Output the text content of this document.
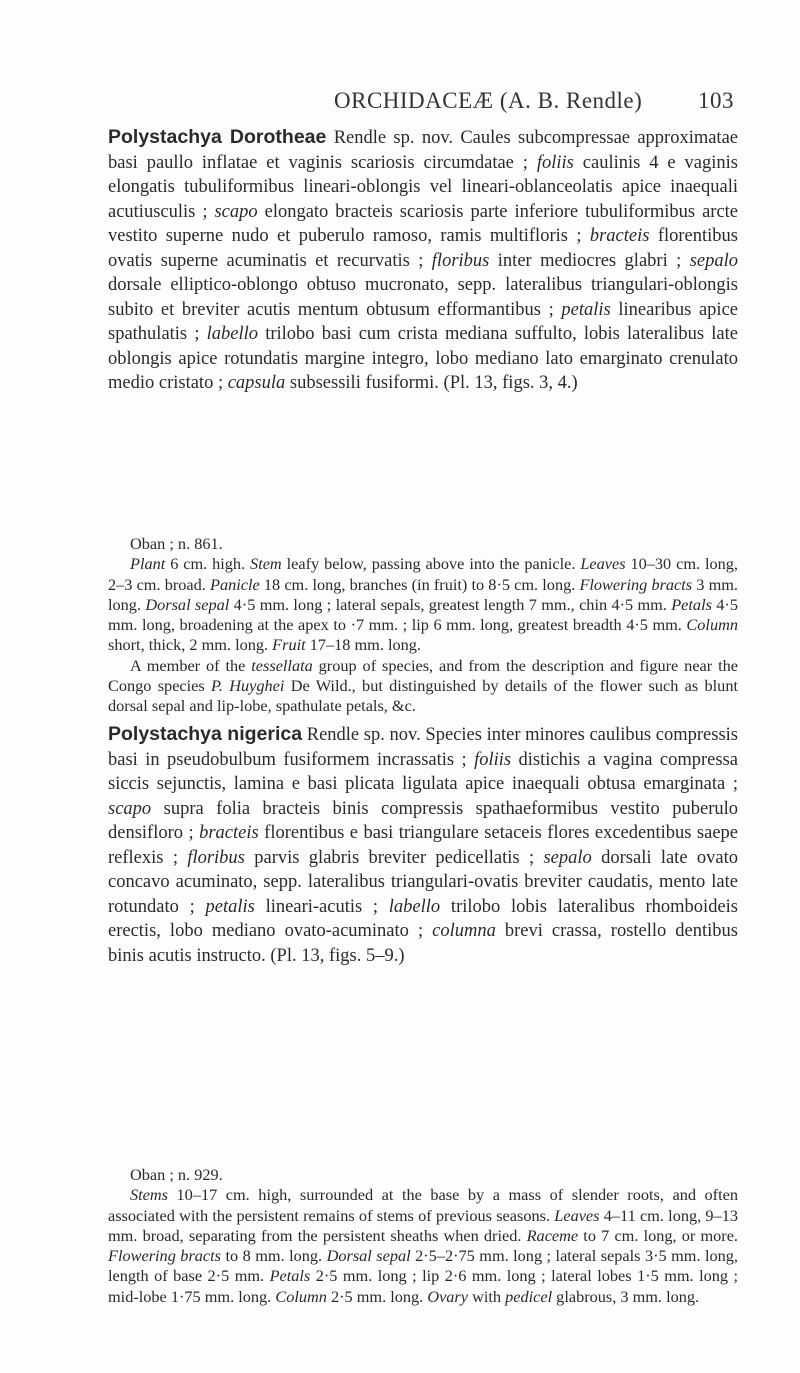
ORCHIDACEÆ (A. B. Rendle) 103

Polystachya Dorotheae Rendle sp. nov. Caules subcompressae approximatae basi paullo inflatae et vaginis scariosis circumdatae ; foliis caulinis 4 e vaginis elongatis tubuliformibus lineari-oblongis vel lineari-oblanceolatis apice inaequali acutiusculis ; scapo elongato bracteis scariosis parte inferiore tubuliformibus arcte vestito superne nudo et puberulo ramoso, ramis multifloris ; bracteis florentibus ovatis superne acuminatis et recurvatis ; floribus inter mediocres glabri ; sepalo dorsale elliptico-oblongo obtuso mucronato, sepp. lateralibus triangulari-oblongis subito et breviter acutis mentum obtusum efformantibus ; petalis linearibus apice spathulatis ; labello trilobo basi cum crista mediana suffulto, lobis lateralibus late oblongis apice rotundatis margine integro, lobo mediano lato emarginato crenulato medio cristato ; capsula subsessili fusiformi. (Pl. 13, figs. 3, 4.)

Oban ; n. 861.

Plant 6 cm. high. Stem leafy below, passing above into the panicle. Leaves 10–30 cm. long, 2–3 cm. broad. Panicle 18 cm. long, branches (in fruit) to 8·5 cm. long. Flowering bracts 3 mm. long. Dorsal sepal 4·5 mm. long ; lateral sepals, greatest length 7 mm., chin 4·5 mm. Petals 4·5 mm. long, broadening at the apex to ·7 mm. ; lip 6 mm. long, greatest breadth 4·5 mm. Column short, thick, 2 mm. long. Fruit 17–18 mm. long.

A member of the tessellata group of species, and from the description and figure near the Congo species P. Huyghei De Wild., but distinguished by details of the flower such as blunt dorsal sepal and lip-lobe, spathulate petals, &c.

Polystachya nigerica Rendle sp. nov. Species inter minores caulibus compressis basi in pseudobulbum fusiformem incrassatis ; foliis distichis a vagina compressa siccis sejunctis, lamina e basi plicata ligulata apice inaequali obtusa emarginata ; scapo supra folia bracteis binis compressis spathaeformibus vestito puberulo densifloro ; bracteis florentibus e basi triangulare setaceis flores excedentibus saepe reflexis ; floribus parvis glabris breviter pedicellatis ; sepalo dorsali late ovato concavo acuminato, sepp. lateralibus triangulari-ovatis breviter caudatis, mento late rotundato ; petalis lineari-acutis ; labello trilobo lobis lateralibus rhomboideis erectis, lobo mediano ovato-acuminato ; columna brevi crassa, rostello dentibus binis acutis instructo. (Pl. 13, figs. 5–9.)

Oban ; n. 929.

Stems 10–17 cm. high, surrounded at the base by a mass of slender roots, and often associated with the persistent remains of stems of previous seasons. Leaves 4–11 cm. long, 9–13 mm. broad, separating from the persistent sheaths when dried. Raceme to 7 cm. long, or more. Flowering bracts to 8 mm. long. Dorsal sepal 2·5–2·75 mm. long ; lateral sepals 3·5 mm. long, length of base 2·5 mm. Petals 2·5 mm. long ; lip 2·6 mm. long ; lateral lobes 1·5 mm. long ; mid-lobe 1·75 mm. long. Column 2·5 mm. long. Ovary with pedicel glabrous, 3 mm. long.
